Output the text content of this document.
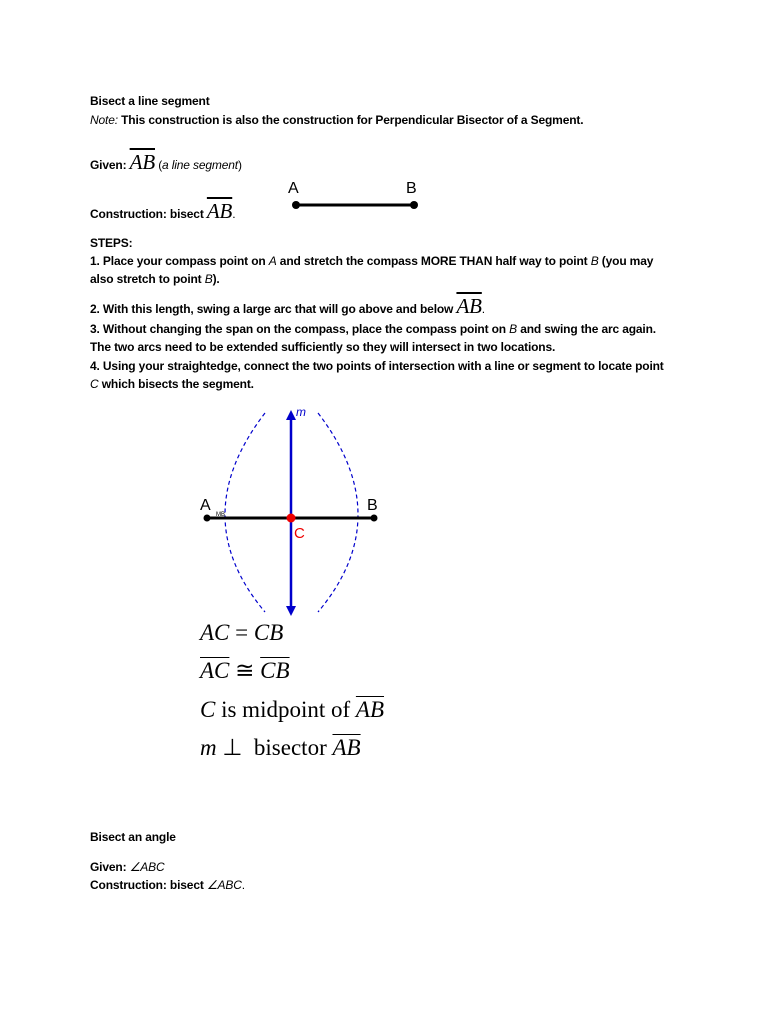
Bisect a line segment
Note: This construction is also the construction for Perpendicular Bisector of a Segment.
Given: $\overline{AB}$ (a line segment)
Construction: bisect $\overline{AB}$.
A	B
STEPS:
1. Place your compass point on A and stretch the compass MORE THAN half way to point B (you may
also stretch to point B).
2. With this length, swing a large arc that will go above and below $\overline{AB}$.
3. Without changing the span on the compass, place the compass point on B and swing the arc again.
The two arcs need to be extended sufficiently so they will intersect in two locations.
4. Using your straightedge, connect the two points of intersection with a line or segment to locate point
C which bisects the segment.
A
MB
B
C
m
AC = CB
$\overline{AC}$ ≅ $\overline{CB}$
C is midpoint of $\overline{AB}$
m ⊥ bisector $\overline{AB}$
Bisect an angle
Given: ∠ABC
Construction: bisect ∠ABC.
